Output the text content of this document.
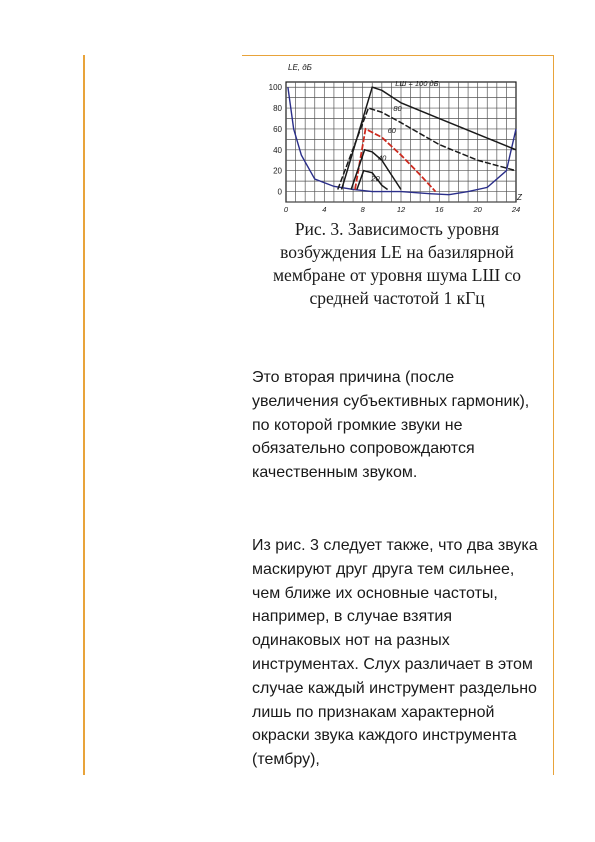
100
80
60
40
20
0
0	4	8	12	16	20	24
LE, дБ
Z
LШ = 100 дБ
80
60
40
20
Рис. 3. Зависимость уровня возбуждения LE на базилярной мембране от уровня шума LШ со средней частотой 1 кГц
Это вторая причина (после увеличения субъективных гармоник), по которой громкие звуки не обязательно сопровождаются качественным звуком.
Из рис. 3 следует также, что два звука маскируют друг друга тем сильнее, чем ближе их основные частоты, например, в случае взятия одинаковых нот на разных инструментах. Слух различает в этом случае каждый инструмент раздельно лишь по признакам характерной окраски звука каждого инструмента (тембру),
